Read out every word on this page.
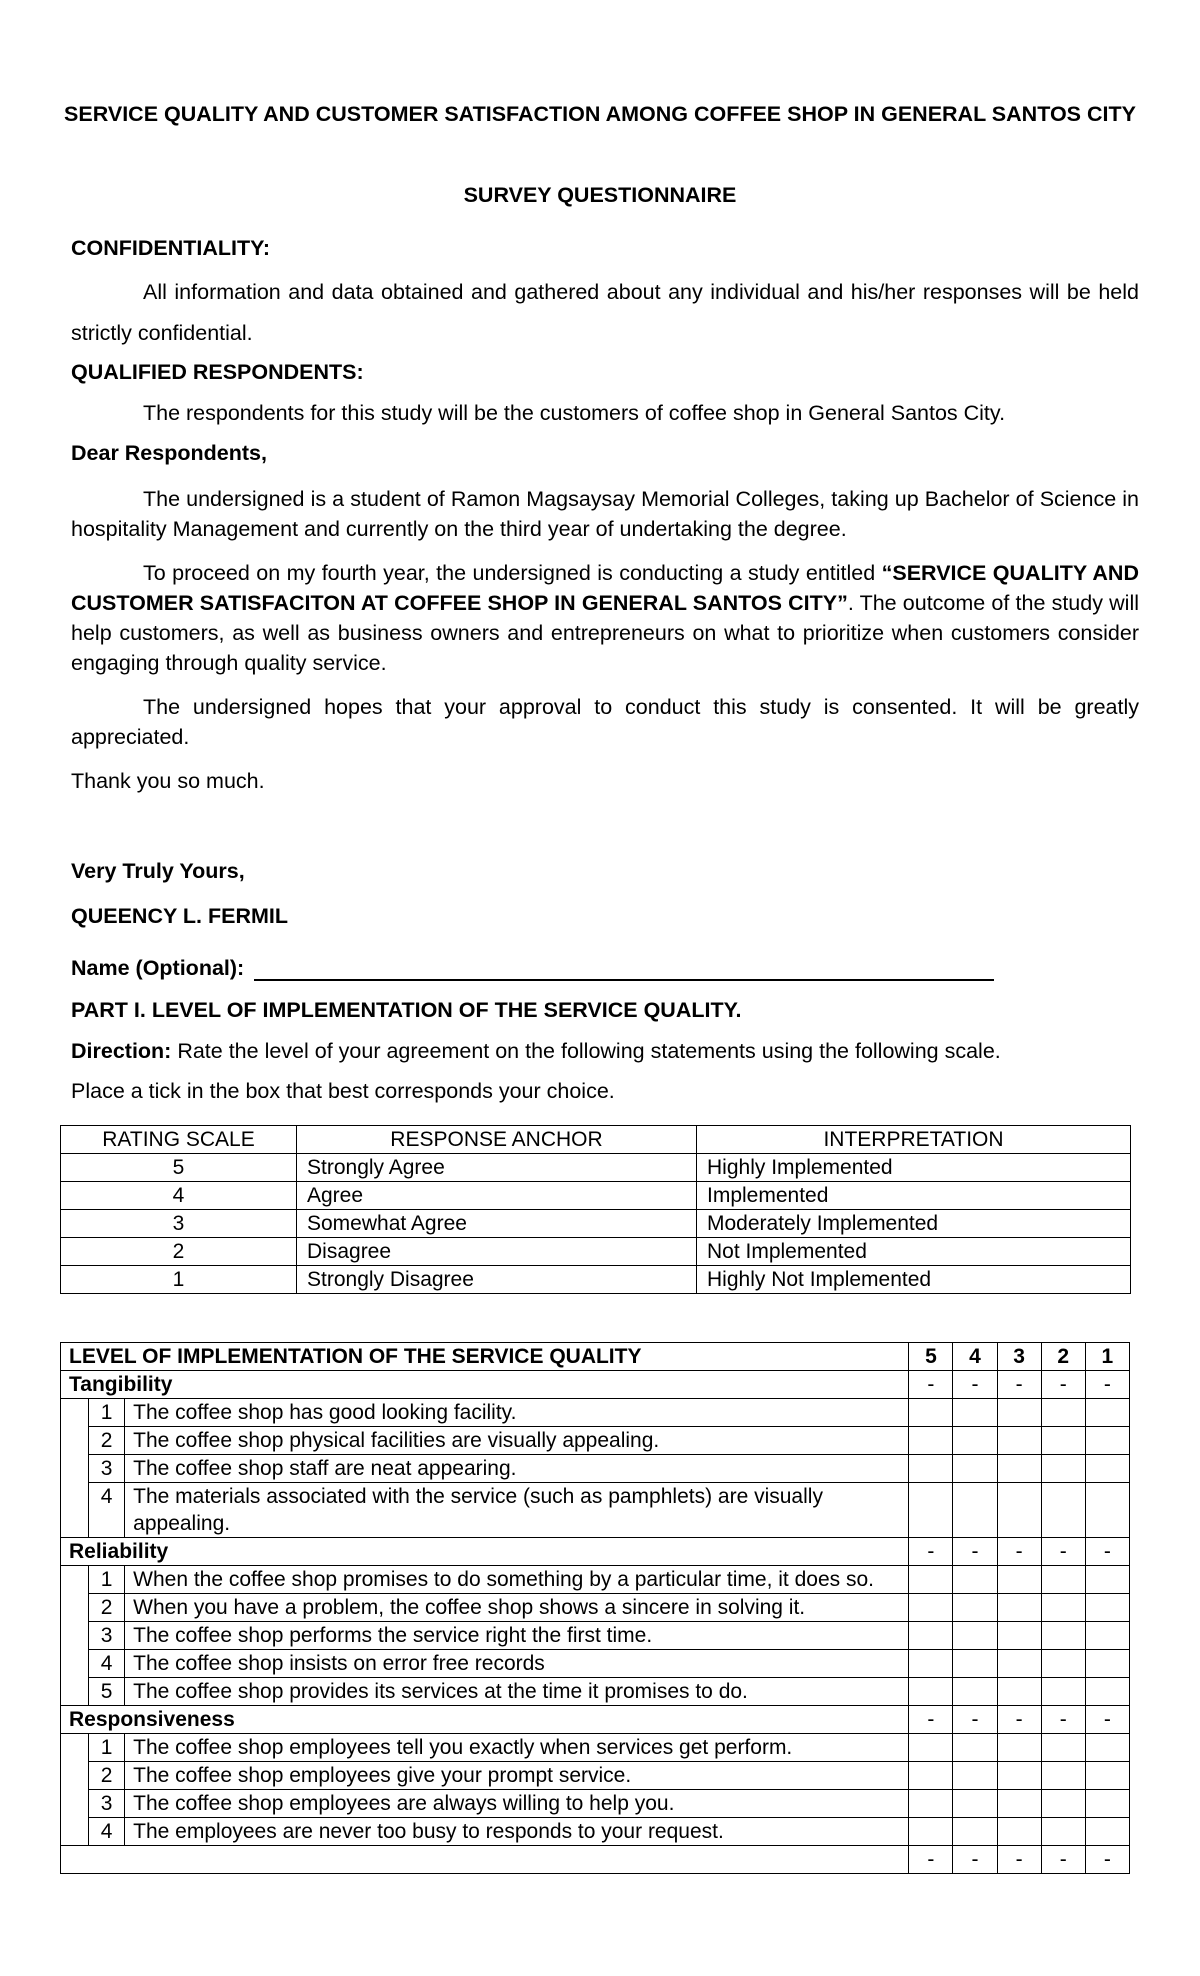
SERVICE QUALITY AND CUSTOMER SATISFACTION AMONG COFFEE SHOP IN GENERAL SANTOS CITY
SURVEY QUESTIONNAIRE
CONFIDENTIALITY:
All information and data obtained and gathered about any individual and his/her responses will be held strictly confidential.
QUALIFIED RESPONDENTS:
The respondents for this study will be the customers of coffee shop in General Santos City.
Dear Respondents,
The undersigned is a student of Ramon Magsaysay Memorial Colleges, taking up Bachelor of Science in hospitality Management and currently on the third year of undertaking the degree.
To proceed on my fourth year, the undersigned is conducting a study entitled “SERVICE QUALITY AND CUSTOMER SATISFACITON AT COFFEE SHOP IN GENERAL SANTOS CITY”. The outcome of the study will help customers, as well as business owners and entrepreneurs on what to prioritize when customers consider engaging through quality service.
The undersigned hopes that your approval to conduct this study is consented. It will be greatly appreciated.
Thank you so much.
Very Truly Yours,
QUEENCY L. FERMIL
Name (Optional):
PART I. LEVEL OF IMPLEMENTATION OF THE SERVICE QUALITY.
Direction: Rate the level of your agreement on the following statements using the following scale.
Place a tick in the box that best corresponds your choice.
RATING SCALE	RESPONSE ANCHOR	INTERPRETATION
5	Strongly Agree	Highly Implemented
4	Agree	Implemented
3	Somewhat Agree	Moderately Implemented
2	Disagree	Not Implemented
1	Strongly Disagree	Highly Not Implemented
LEVEL OF IMPLEMENTATION OF THE SERVICE QUALITY			5	4	3	2	1
Tangibility			-	-	-	-	-
	1	The coffee shop has good looking facility.					
	2	The coffee shop physical facilities are visually appealing.					
	3	The coffee shop staff are neat appearing.					
	4	The materials associated with the service (such as pamphlets) are visually appealing.					
Reliability			-	-	-	-	-
	1	When the coffee shop promises to do something by a particular time, it does so.					
	2	When you have a problem, the coffee shop shows a sincere in solving it.					
	3	The coffee shop performs the service right the first time.					
	4	The coffee shop insists on error free records					
	5	The coffee shop provides its services at the time it promises to do.					
Responsiveness			-	-	-	-	-
	1	The coffee shop employees tell you exactly when services get perform.					
	2	The coffee shop employees give your prompt service.					
	3	The coffee shop employees are always willing to help you.					
	4	The employees are never too busy to responds to your request.					
			-	-	-	-	-
